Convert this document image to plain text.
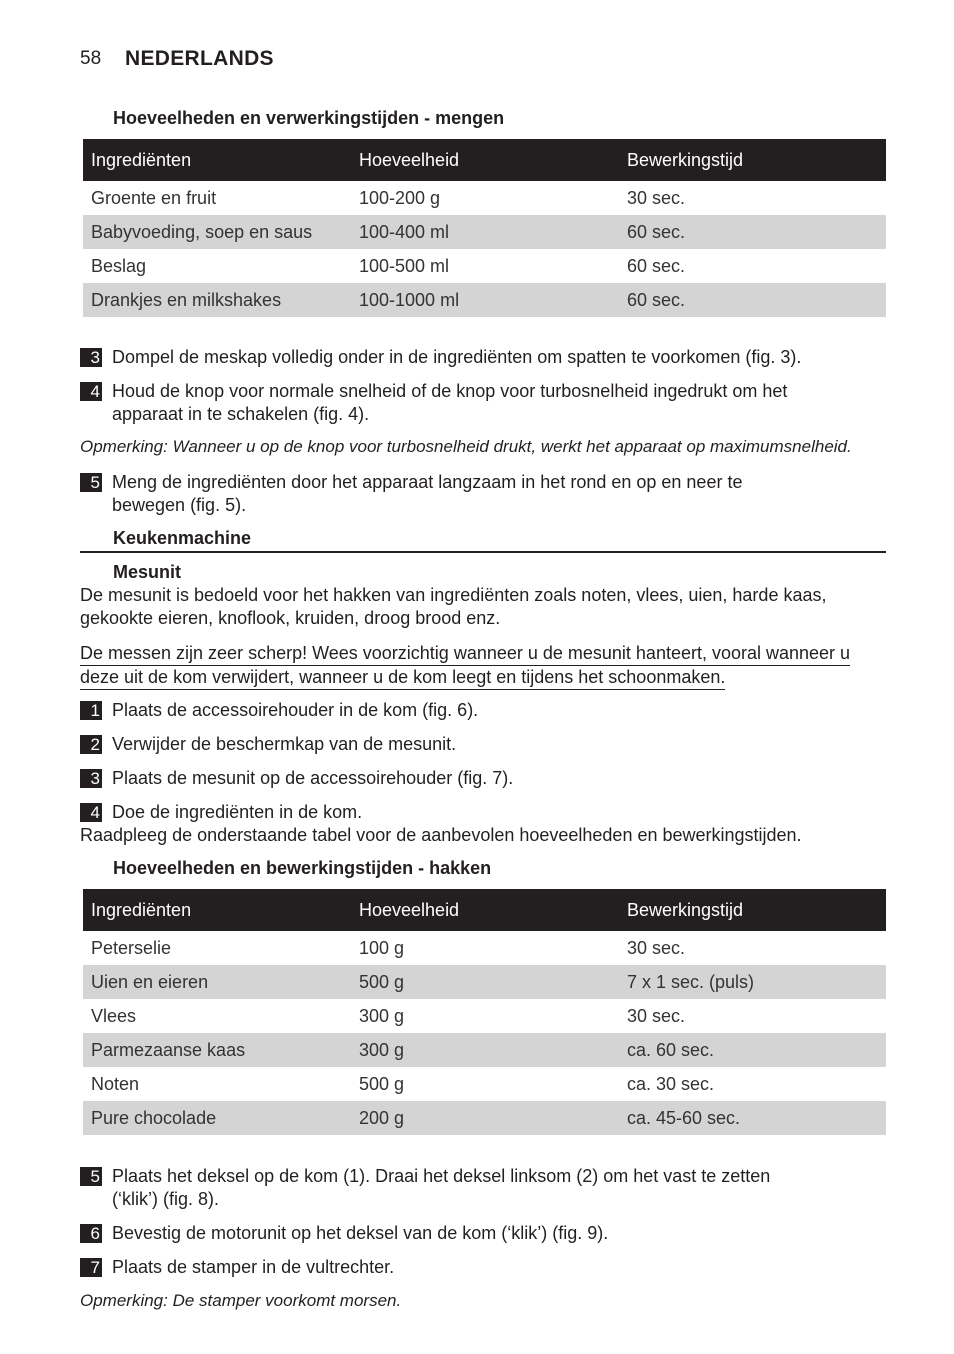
58 NEDERLANDS
Hoeveelheden en verwerkingstijden - mengen
Ingrediënten	Hoeveelheid	Bewerkingstijd
Groente en fruit	100-200 g	30 sec.
Babyvoeding, soep en saus	100-400 ml	60 sec.
Beslag	100-500 ml	60 sec.
Drankjes en milkshakes	100-1000 ml	60 sec.
3 Dompel de meskap volledig onder in de ingrediënten om spatten te voorkomen (fig. 3).
4 Houd de knop voor normale snelheid of de knop voor turbosnelheid ingedrukt om het
apparaat in te schakelen (fig. 4).
Opmerking: Wanneer u op de knop voor turbosnelheid drukt, werkt het apparaat op maximumsnelheid.
5 Meng de ingrediënten door het apparaat langzaam in het rond en op en neer te
bewegen (fig. 5).
Keukenmachine
Mesunit
De mesunit is bedoeld voor het hakken van ingrediënten zoals noten, vlees, uien, harde kaas,
gekookte eieren, knoflook, kruiden, droog brood enz.
De messen zijn zeer scherp! Wees voorzichtig wanneer u de mesunit hanteert, vooral wanneer u
deze uit de kom verwijdert, wanneer u de kom leegt en tijdens het schoonmaken.
1 Plaats de accessoirehouder in de kom (fig. 6).
2 Verwijder de beschermkap van de mesunit.
3 Plaats de mesunit op de accessoirehouder (fig. 7).
4 Doe de ingrediënten in de kom.
Raadpleeg de onderstaande tabel voor de aanbevolen hoeveelheden en bewerkingstijden.
Hoeveelheden en bewerkingstijden - hakken
Ingrediënten	Hoeveelheid	Bewerkingstijd
Peterselie	100 g	30 sec.
Uien en eieren	500 g	7 x 1 sec. (puls)
Vlees	300 g	30 sec.
Parmezaanse kaas	300 g	ca. 60 sec.
Noten	500 g	ca. 30 sec.
Pure chocolade	200 g	ca. 45-60 sec.
5 Plaats het deksel op de kom (1). Draai het deksel linksom (2) om het vast te zetten
(‘klik’) (fig. 8).
6 Bevestig de motorunit op het deksel van de kom (‘klik’) (fig. 9).
7 Plaats de stamper in de vultrechter.
Opmerking: De stamper voorkomt morsen.
